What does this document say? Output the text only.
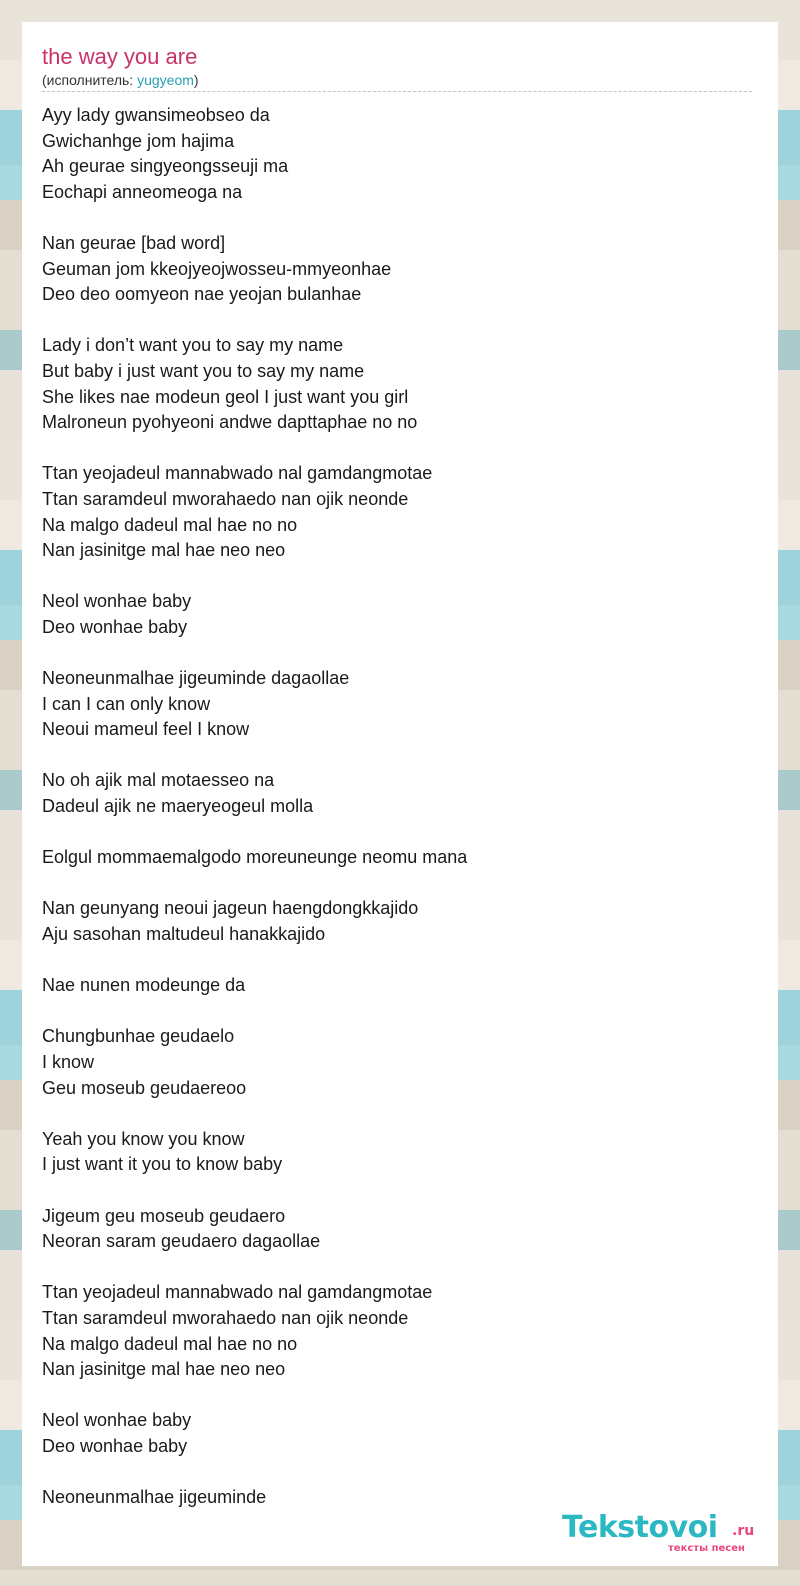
the way you are
(исполнитель: yugyeom)
Ayy lady gwansimeobseo da
Gwichanhge jom hajima
Ah geurae singyeongsseuji ma
Eochapi anneomeoga na

Nan geurae [bad word]
Geuman jom kkeojyeojwosseu-mmyeonhae
Deo deo oomyeon nae yeojan bulanhae

Lady i don’t want you to say my name
But baby i just want you to say my name
She likes nae modeun geol I just want you girl
Malroneun pyohyeoni andwe dapttaphae no no

Ttan yeojadeul mannabwado nal gamdangmotae
Ttan saramdeul mworahaedo nan ojik neonde
Na malgo dadeul mal hae no no
Nan jasinitge mal hae neo neo

Neol wonhae baby
Deo wonhae baby

Neoneunmalhae jigeuminde dagaollae
I can I can only know
Neoui mameul feel I know

No oh ajik mal motaesseo na
Dadeul ajik ne maeryeogeul molla

Eolgul mommaemalgodo moreuneunge neomu mana

Nan geunyang neoui jageun haengdongkkajido
Aju sasohan maltudeul hanakkajido

Nae nunen modeunge da

Chungbunhae geudaelo
I know
Geu moseub geudaereoo

Yeah you know you know
I just want it you to know baby

Jigeum geu moseub geudaero
Neoran saram geudaero dagaollae

Ttan yeojadeul mannabwado nal gamdangmotae
Ttan saramdeul mworahaedo nan ojik neonde
Na malgo dadeul mal hae no no
Nan jasinitge mal hae neo neo

Neol wonhae baby
Deo wonhae baby

Neoneunmalhae jigeuminde
Tekstovoi .ru
тексты песен
